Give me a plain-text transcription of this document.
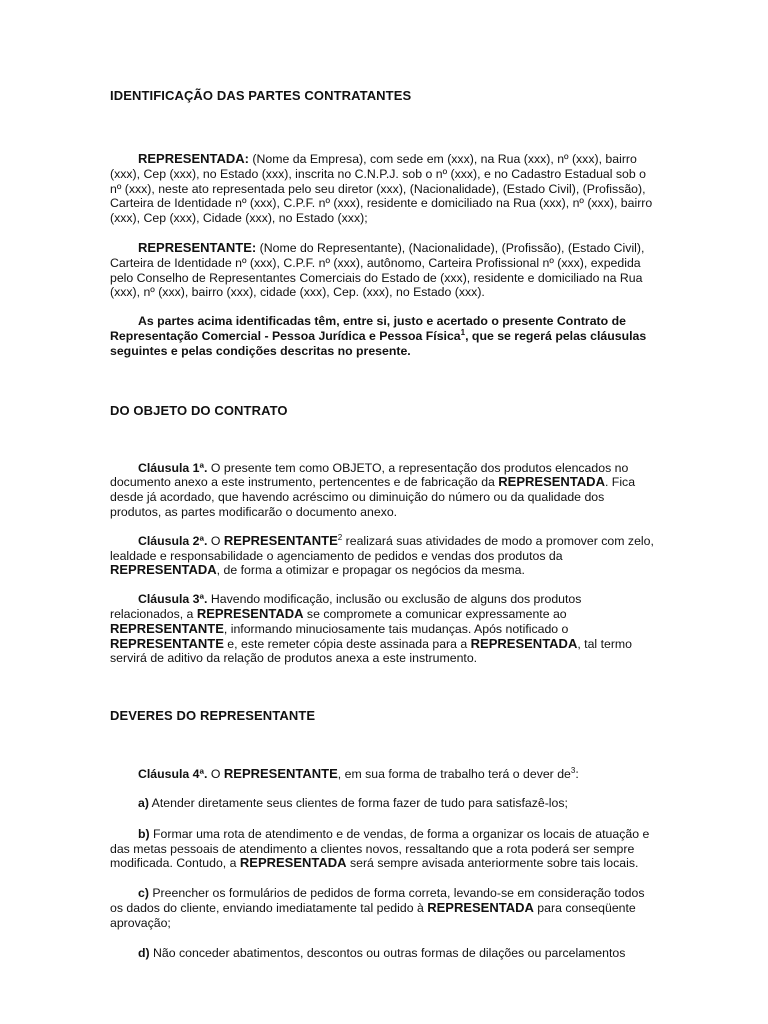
IDENTIFICAÇÃO DAS PARTES CONTRATANTES

REPRESENTADA: (Nome da Empresa), com sede em (xxx), na Rua (xxx), nº (xxx), bairro (xxx), Cep (xxx), no Estado (xxx), inscrita no C.N.P.J. sob o nº (xxx), e no Cadastro Estadual sob o nº (xxx), neste ato representada pelo seu diretor (xxx), (Nacionalidade), (Estado Civil), (Profissão), Carteira de Identidade nº (xxx), C.P.F. nº (xxx), residente e domiciliado na Rua (xxx), nº (xxx), bairro (xxx), Cep (xxx), Cidade (xxx), no Estado (xxx);

REPRESENTANTE: (Nome do Representante), (Nacionalidade), (Profissão), (Estado Civil), Carteira de Identidade nº (xxx), C.P.F. nº (xxx), autônomo, Carteira Profissional nº (xxx), expedida pelo Conselho de Representantes Comerciais do Estado de (xxx), residente e domiciliado na Rua (xxx), nº (xxx), bairro (xxx), cidade (xxx), Cep. (xxx), no Estado (xxx).

As partes acima identificadas têm, entre si, justo e acertado o presente Contrato de Representação Comercial - Pessoa Jurídica e Pessoa Física$^1$, que se regerá pelas cláusulas seguintes e pelas condições descritas no presente.

DO OBJETO DO CONTRATO

Cláusula 1ª. O presente tem como OBJETO, a representação dos produtos elencados no documento anexo a este instrumento, pertencentes e de fabricação da REPRESENTADA. Fica desde já acordado, que havendo acréscimo ou diminuição do número ou da qualidade dos produtos, as partes modificarão o documento anexo.

Cláusula 2ª. O REPRESENTANTE$^2$ realizará suas atividades de modo a promover com zelo, lealdade e responsabilidade o agenciamento de pedidos e vendas dos produtos da REPRESENTADA, de forma a otimizar e propagar os negócios da mesma.

Cláusula 3ª. Havendo modificação, inclusão ou exclusão de alguns dos produtos relacionados, a REPRESENTADA se compromete a comunicar expressamente ao REPRESENTANTE, informando minuciosamente tais mudanças. Após notificado o REPRESENTANTE e, este remeter cópia deste assinada para a REPRESENTADA, tal termo servirá de aditivo da relação de produtos anexa a este instrumento.

DEVERES DO REPRESENTANTE

Cláusula 4ª. O REPRESENTANTE, em sua forma de trabalho terá o dever $de^3$:

a) Atender diretamente seus clientes de forma fazer de tudo para satisfazê-los;

b) Formar uma rota de atendimento e de vendas, de forma a organizar os locais de atuação e das metas pessoais de atendimento a clientes novos, ressaltando que a rota poderá ser sempre modificada. Contudo, a REPRESENTADA será sempre avisada anteriormente sobre tais locais.

c) Preencher os formulários de pedidos de forma correta, levando-se em consideração todos os dados do cliente, enviando imediatamente tal pedido à REPRESENTADA para conseqüente aprovação;

d) Não conceder abatimentos, descontos ou outras formas de dilações ou parcelamentos
